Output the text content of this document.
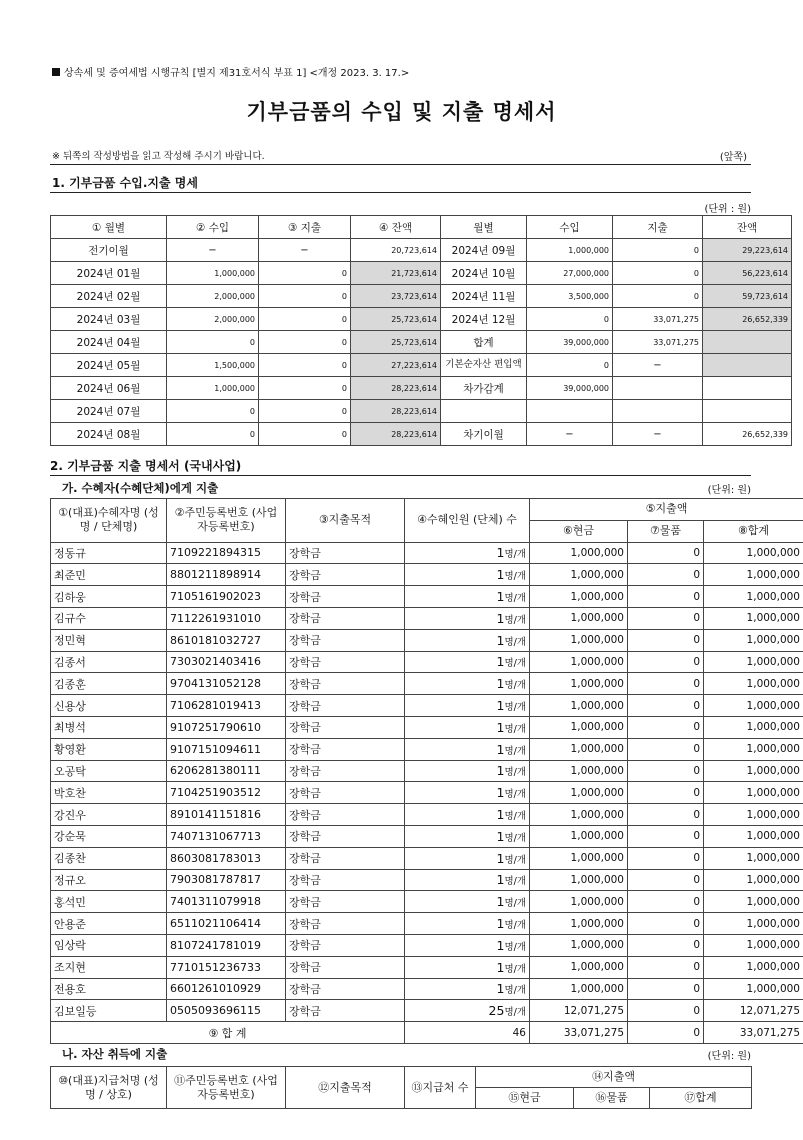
상속세 및 증여세법 시행규칙 [별지 제31호서식 부표 1] <개정 2023. 3. 17.>
기부금품의 수입 및 지출 명세서
※ 뒤쪽의 작성방법을 읽고 작성해 주시기 바랍니다.	(앞쪽)
1. 기부금품 수입.지출 명세
(단위 : 원)
① 월별	② 수입	③ 지출	④ 잔액	월별	수입	지출	잔액
전기이월	−	−	20,723,614	2024년 09월	1,000,000	0	29,223,614
2024년 01월	1,000,000	0	21,723,614	2024년 10월	27,000,000	0	56,223,614
2024년 02월	2,000,000	0	23,723,614	2024년 11월	3,500,000	0	59,723,614
2024년 03월	2,000,000	0	25,723,614	2024년 12월	0	33,071,275	26,652,339
2024년 04월	0	0	25,723,614	합계	39,000,000	33,071,275	
2024년 05월	1,500,000	0	27,223,614	기본순자산 편입액	0	−	
2024년 06월	1,000,000	0	28,223,614	차가감계	39,000,000		
2024년 07월	0	0	28,223,614				
2024년 08월	0	0	28,223,614	차기이월	−	−	26,652,339
2. 기부금품 지출 명세서 (국내사업)
가. 수혜자(수혜단체)에게 지출	(단위: 원)
①(대표)수혜자명 (성명 / 단체명)	②주민등록번호 (사업자등록번호)	③지출목적	④수혜인원 (단체) 수	⑤지출액		
				⑥현금	⑦물품	⑧합계
정동규	7109221894315	장학금	1명/개	1,000,000	0	1,000,000
최준민	8801211898914	장학금	1명/개	1,000,000	0	1,000,000
김하웅	7105161902023	장학금	1명/개	1,000,000	0	1,000,000
김규수	7112261931010	장학금	1명/개	1,000,000	0	1,000,000
정민혁	8610181032727	장학금	1명/개	1,000,000	0	1,000,000
김종서	7303021403416	장학금	1명/개	1,000,000	0	1,000,000
김종훈	9704131052128	장학금	1명/개	1,000,000	0	1,000,000
신용상	7106281019413	장학금	1명/개	1,000,000	0	1,000,000
최병석	9107251790610	장학금	1명/개	1,000,000	0	1,000,000
황영환	9107151094611	장학금	1명/개	1,000,000	0	1,000,000
오공탁	6206281380111	장학금	1명/개	1,000,000	0	1,000,000
박호찬	7104251903512	장학금	1명/개	1,000,000	0	1,000,000
강진우	8910141151816	장학금	1명/개	1,000,000	0	1,000,000
강순묵	7407131067713	장학금	1명/개	1,000,000	0	1,000,000
김종찬	8603081783013	장학금	1명/개	1,000,000	0	1,000,000
정규오	7903081787817	장학금	1명/개	1,000,000	0	1,000,000
홍석민	7401311079918	장학금	1명/개	1,000,000	0	1,000,000
안용준	6511021106414	장학금	1명/개	1,000,000	0	1,000,000
임상락	8107241781019	장학금	1명/개	1,000,000	0	1,000,000
조지현	7710151236733	장학금	1명/개	1,000,000	0	1,000,000
전용호	6601261010929	장학금	1명/개	1,000,000	0	1,000,000
김보일등	0505093696115	장학금	25명/개	12,071,275	0	12,071,275
⑨ 합 계			46	33,071,275	0	33,071,275
나. 자산 취득에 지출	(단위: 원)
⑩(대표)지급처명 (성명 / 상호)	⑪주민등록번호 (사업자등록번호)	⑫지출목적	⑬지급처 수	⑭지출액		
				⑮현금	⑯물품	⑰합계
